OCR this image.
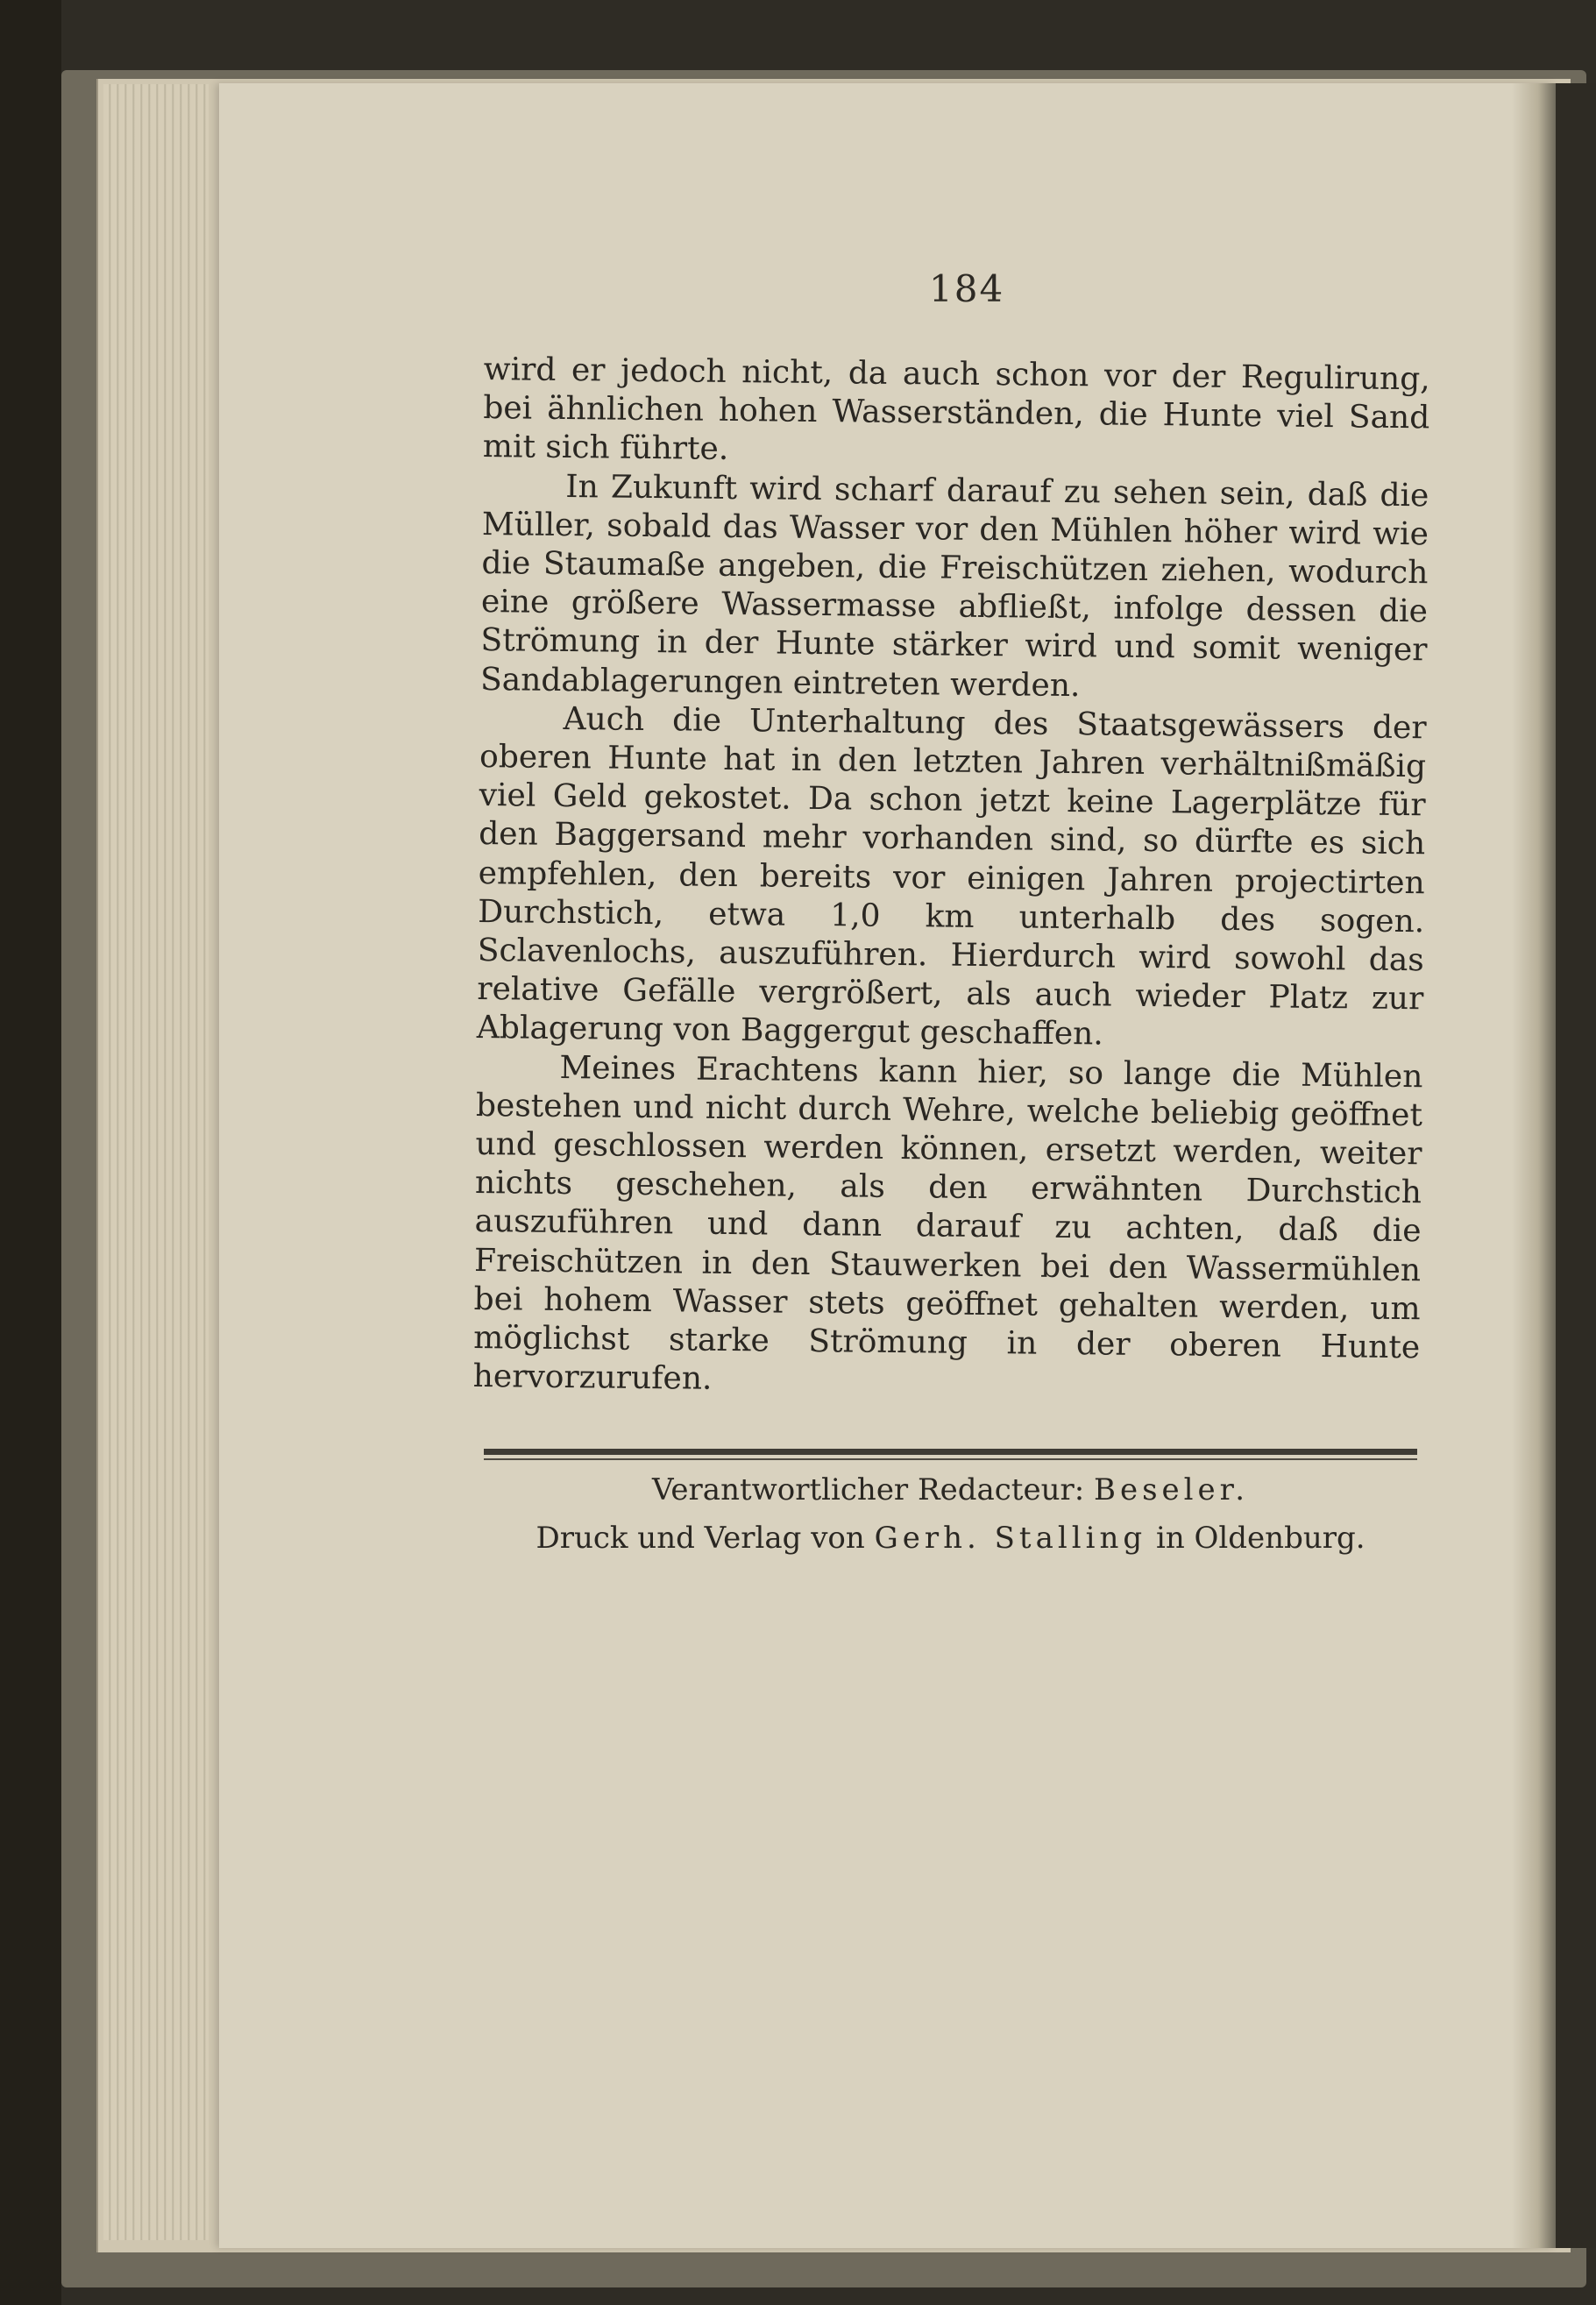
184

wird er jedoch nicht, da auch schon vor der Regulirung, bei ähnlichen hohen Wasserständen, die Hunte viel Sand mit sich führte.

In Zukunft wird scharf darauf zu sehen sein, daß die Müller, sobald das Wasser vor den Mühlen höher wird wie die Staumaße angeben, die Freischützen ziehen, wodurch eine größere Wassermasse abfließt, infolge dessen die Strömung in der Hunte stärker wird und somit weniger Sandablagerungen eintreten werden.

Auch die Unterhaltung des Staatsgewässers der oberen Hunte hat in den letzten Jahren verhältnißmäßig viel Geld gekostet. Da schon jetzt keine Lagerplätze für den Baggersand mehr vorhanden sind, so dürfte es sich empfehlen, den bereits vor einigen Jahren projectirten Durchstich, etwa 1,0 km unterhalb des sogen. Sclavenlochs, auszuführen. Hierdurch wird sowohl das relative Gefälle vergrößert, als auch wieder Platz zur Ablagerung von Baggergut geschaffen.

Meines Erachtens kann hier, so lange die Mühlen bestehen und nicht durch Wehre, welche beliebig geöffnet und geschlossen werden können, ersetzt werden, weiter nichts geschehen, als den erwähnten Durchstich auszuführen und dann darauf zu achten, daß die Freischützen in den Stauwerken bei den Wassermühlen bei hohem Wasser stets geöffnet gehalten werden, um möglichst starke Strömung in der oberen Hunte hervorzurufen.

Verantwortlicher Redacteur: Beseler.
Druck und Verlag von Gerh. Stalling in Oldenburg.
